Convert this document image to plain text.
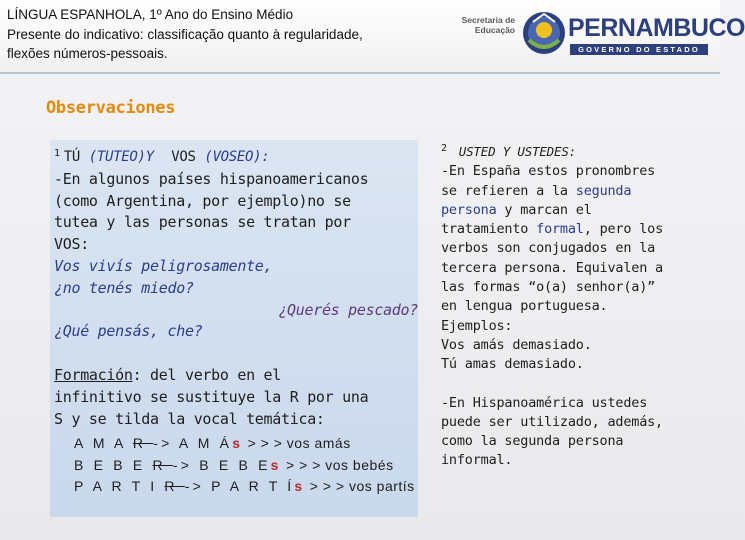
LÍNGUA ESPANHOLA, 1º Ano do Ensino Médio
Presente do indicativo: classificação quanto à regularidade,
flexões números-pessoais.
Secretaria de
Educação PERNAMBUCO
GOVERNO DO ESTADO
Observaciones
$^1$ TÚ (TUTEO)Y VOS (VOSEO):
-En algunos países hispanoamericanos
(como Argentina, por ejemplo)no se
tutea y las personas se tratan por
VOS:
Vos vivís peligrosamente,
¿no tenés miedo?
¿Querés pescado?
¿Qué pensás, che?
Formación: del verbo en el
infinitivo se sustituye la R por una
S y se tilda la vocal temática:
A M A R -> A M Ás > > > vos amás
B E B E R -> B E B Es > > > vos bebés
P A R T I R -> P A R T Ís > > > vos partís
$^2$ USTED Y USTEDES:
-En España estos pronombres
se refieren a la segunda
persona y marcan el
tratamiento formal, pero los
verbos son conjugados en la
tercera persona. Equivalen a
las formas “o(a) senhor(a)”
en lengua portuguesa.
Ejemplos:
Vos amás demasiado.
Tú amas demasiado.
-En Hispanoamérica ustedes
puede ser utilizado, además,
como la segunda persona
informal.
